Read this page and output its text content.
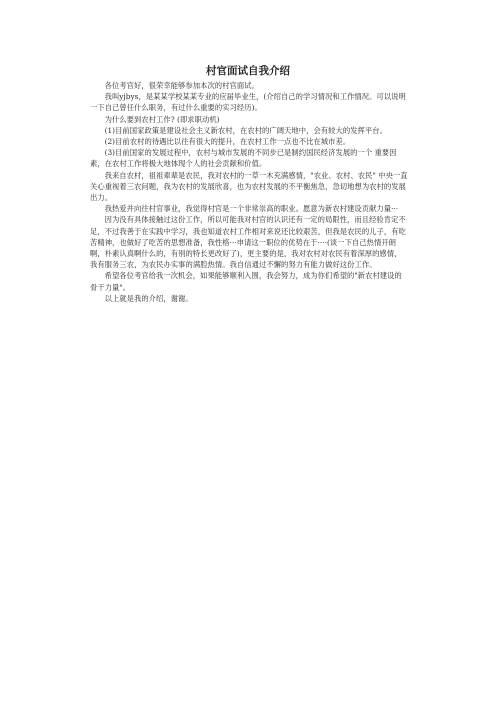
村官面试自我介绍

各位考官好，很荣幸能够参加本次的村官面试。

我叫yjbys，是某某学校某某专业的应届毕业生，(介绍自己的学习情况和工作情况。可以说明一下自己曾任什么职务，有过什么重要的实习经历)。

为什么要到农村工作? (即求职动机)

(1)目前国家政策是建设社会主义新农村，在农村的广阔天地中，会有较大的发挥平台。

(2)目前农村的待遇比以往有很大的提升，在农村工作一点也不比在城市差。

(3)目前国家的发展过程中，农村与城市发展的不同步已是制约国民经济发展的一个 重要因素，在农村工作将极大地体现个人的社会贡献和价值。

我来自农村，祖祖辈辈是农民，我对农村的一草一木充满感情，"农业、农村、农民" 中央一直关心重视着三农问题，我为农村的发展欣喜，也为农村发展的不平衡焦急，急切地想为农村的发展出力。

我热爱并向往村官事业，我觉得村官是一个非常崇高的职业。愿意为新农村建设贡献力量···

因为没有具体接触过这份工作，所以可能我对村官的认识还有一定的局限性，而且经验肯定不足，不过我善于在实践中学习，我也知道农村工作相对来说还比较艰苦，但我是农民的儿子，有吃苦精神，也做好了吃苦的思想准备，我性格···申请这一职位的优势在于····(谈一下自己热情开朗啊，朴素认真啊什么的，有别的特长更改好了)，更主要的是，我对农村对农民有着深厚的感情，我有服务三农，为农民办实事的满腔热情。我自信通过不懈的努力有能力做好这份工作。

希望各位考官给我一次机会，如果能够顺利入围，我会努力，成为你们希望的"新农村建设的骨干力量"。

以上就是我的介绍，谢谢。
